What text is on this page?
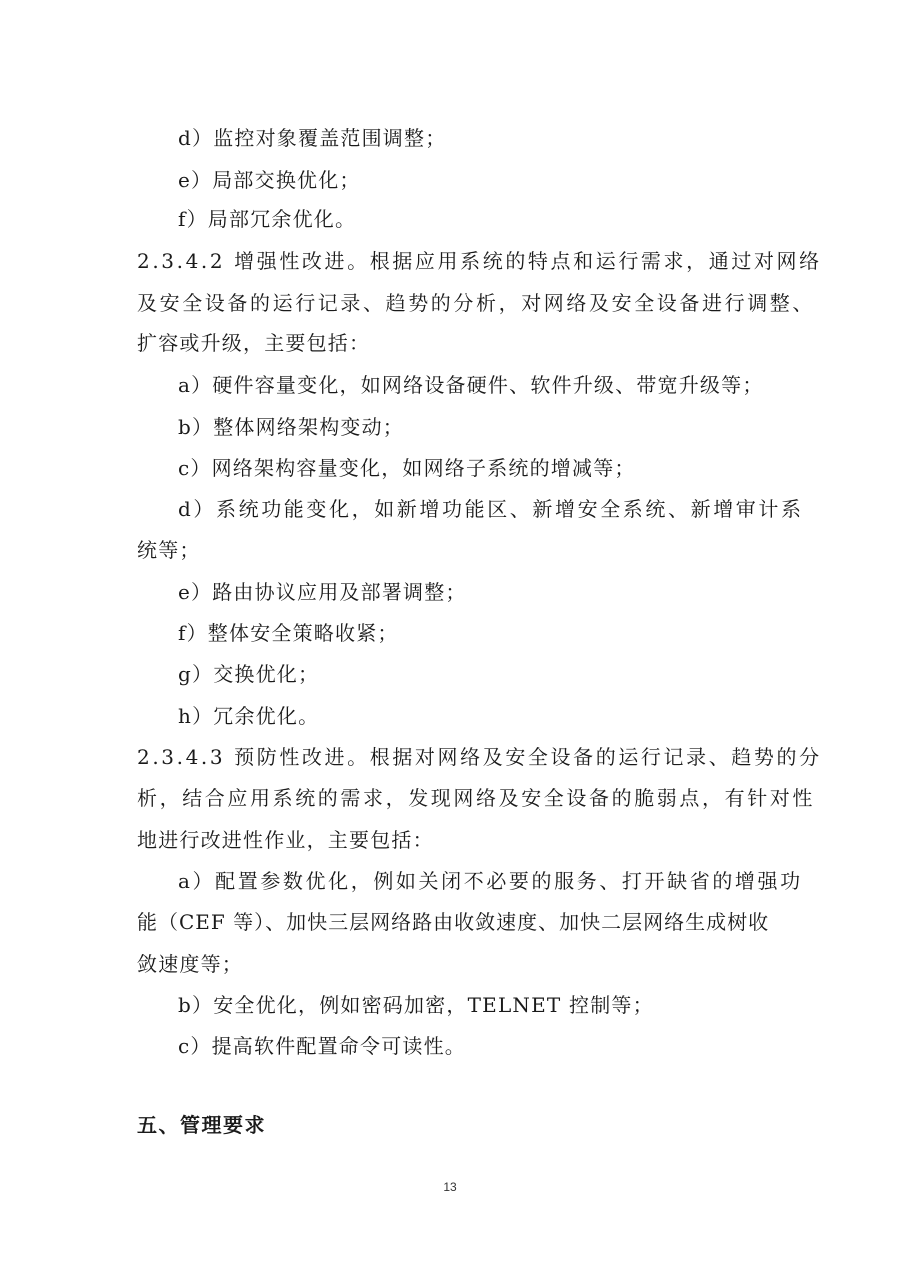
d）监控对象覆盖范围调整；
e）局部交换优化；
f）局部冗余优化。
2.3.4.2 增强性改进。根据应用系统的特点和运行需求，通过对网络
及安全设备的运行记录、趋势的分析，对网络及安全设备进行调整、
扩容或升级，主要包括：
a）硬件容量变化，如网络设备硬件、软件升级、带宽升级等；
b）整体网络架构变动；
c）网络架构容量变化，如网络子系统的增减等；
d）系统功能变化，如新增功能区、新增安全系统、新增审计系
统等；
e）路由协议应用及部署调整；
f）整体安全策略收紧；
g）交换优化；
h）冗余优化。
2.3.4.3 预防性改进。根据对网络及安全设备的运行记录、趋势的分
析，结合应用系统的需求，发现网络及安全设备的脆弱点，有针对性
地进行改进性作业，主要包括：
a）配置参数优化，例如关闭不必要的服务、打开缺省的增强功
能（CEF 等）、加快三层网络路由收敛速度、加快二层网络生成树收
敛速度等；
b）安全优化，例如密码加密，TELNET 控制等；
c）提高软件配置命令可读性。
五、管理要求
13
